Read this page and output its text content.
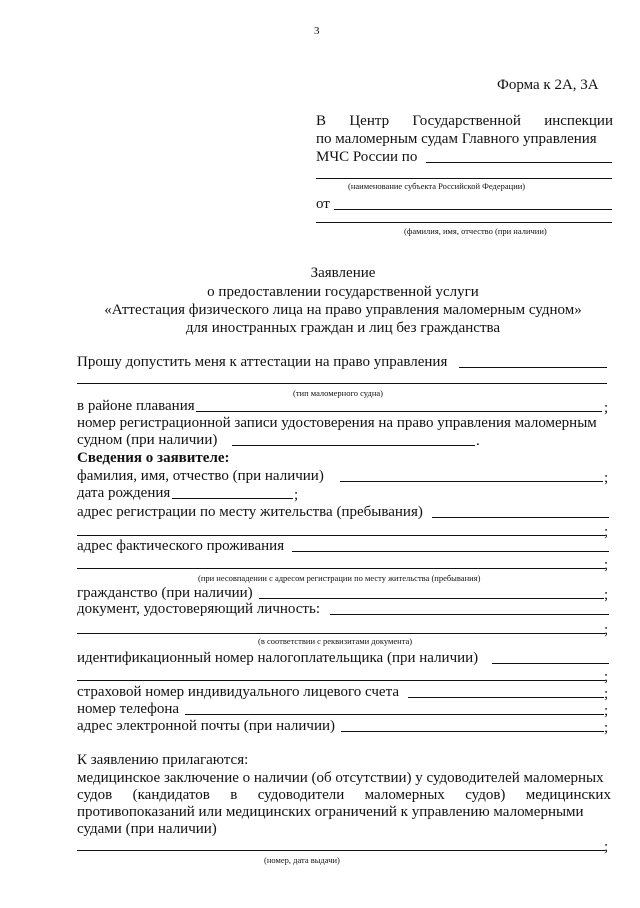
3
Форма к 2А, 3А
В Центр Государственной инспекции
по маломерным судам Главного управления
МЧС России по
(наименование субъекта Российской Федерации)
от
(фамилия, имя, отчество (при наличии)
Заявление
о предоставлении государственной услуги
«Аттестация физического лица на право управления маломерным судном»
для иностранных граждан и лиц без гражданства
Прошу допустить меня к аттестации на право управления
(тип маломерного судна)
в районе плавания	;
номер регистрационной записи удостоверения на право управления маломерным
судном (при наличии)	.
Сведения о заявителе:
фамилия, имя, отчество (при наличии)	;
дата рождения	;
адрес регистрации по месту жительства (пребывания)
;
адрес фактического проживания
;
(при несовпадении с адресом регистрации по месту жительства (пребывания)
гражданство (при наличии)	;
документ, удостоверяющий личность:
;
(в соответствии с реквизитами документа)
идентификационный номер налогоплательщика (при наличии)
;
страховой номер индивидуального лицевого счета	;
номер телефона	;
адрес электронной почты (при наличии)	;
К заявлению прилагаются:
медицинское заключение о наличии (об отсутствии) у судоводителей маломерных
судов (кандидатов в судоводители маломерных судов) медицинских
противопоказаний или медицинских ограничений к управлению маломерными
судами (при наличии)
;
(номер, дата выдачи)
